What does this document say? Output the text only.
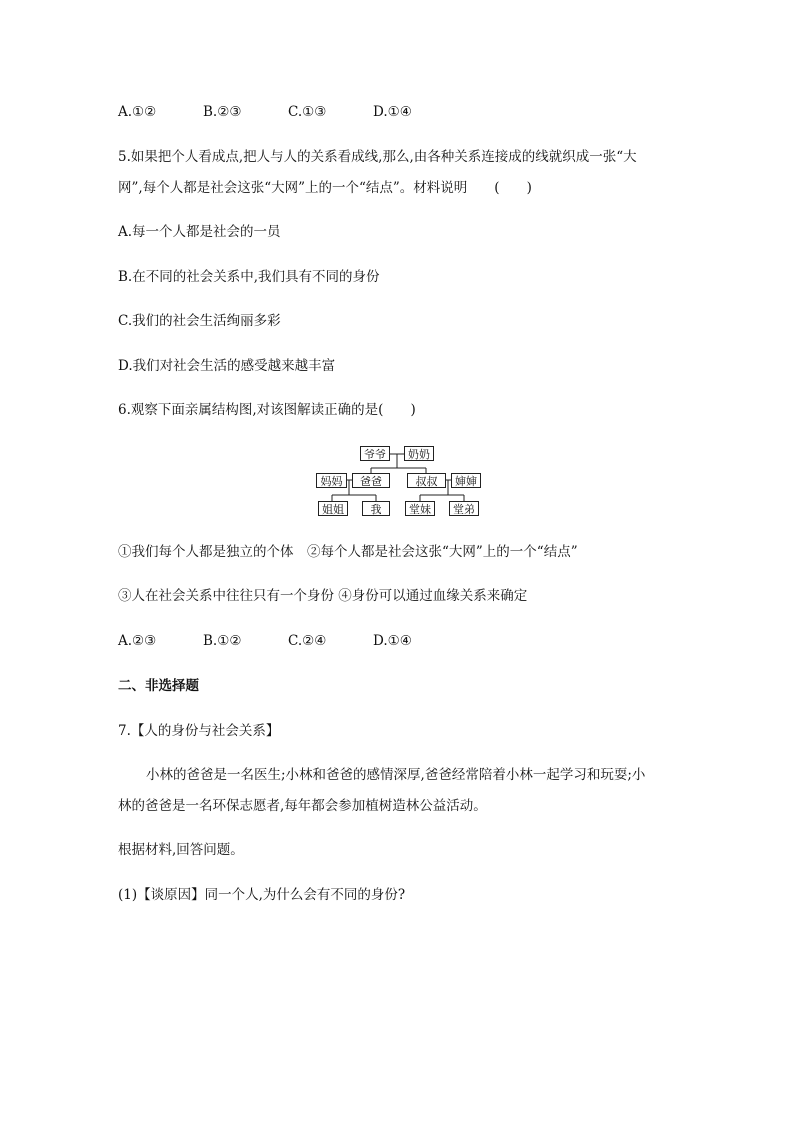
A.①②	B.②③	C.①③	D.①④
5.如果把个人看成点,把人与人的关系看成线,那么,由各种关系连接成的线就织成一张“大
网”,每个人都是社会这张“大网”上的一个“结点”。材料说明　　(　　)
A.每一个人都是社会的一员
B.在不同的社会关系中,我们具有不同的身份
C.我们的社会生活绚丽多彩
D.我们对社会生活的感受越来越丰富
6.观察下面亲属结构图,对该图解读正确的是(　　)
爷爷	奶奶
妈妈	爸爸	叔叔	婶婶
姐姐	我	堂妹	堂弟
①我们每个人都是独立的个体　②每个人都是社会这张“大网”上的一个“结点”
③人在社会关系中往往只有一个身份 ④身份可以通过血缘关系来确定
A.②③	B.①②	C.②④	D.①④
二、非选择题
7.【人的身份与社会关系】
小林的爸爸是一名医生;小林和爸爸的感情深厚,爸爸经常陪着小林一起学习和玩耍;小
林的爸爸是一名环保志愿者,每年都会参加植树造林公益活动。
根据材料,回答问题。
(1)【谈原因】同一个人,为什么会有不同的身份?
